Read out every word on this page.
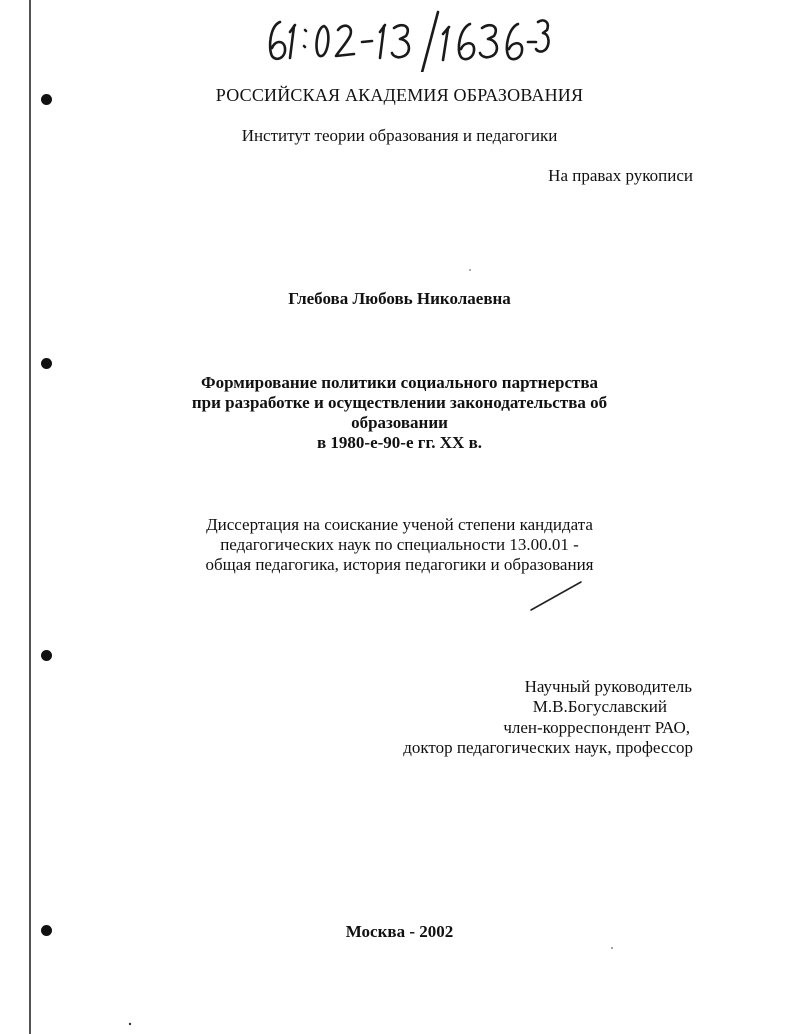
РОССИЙСКАЯ АКАДЕМИЯ ОБРАЗОВАНИЯ
Институт теории образования и педагогики
На правах рукописи
Глебова Любовь Николаевна
Формирование политики социального партнерства
при разработке и осуществлении законодательства об
образовании
в 1980-е-90-е гг. XX в.
Диссертация на соискание ученой степени кандидата
педагогических наук по специальности 13.00.01 -
общая педагогика, история педагогики и образования
Научный руководитель
М.В.Богуславский
член-корреспондент РАО,
доктор педагогических наук, профессор
Москва - 2002
